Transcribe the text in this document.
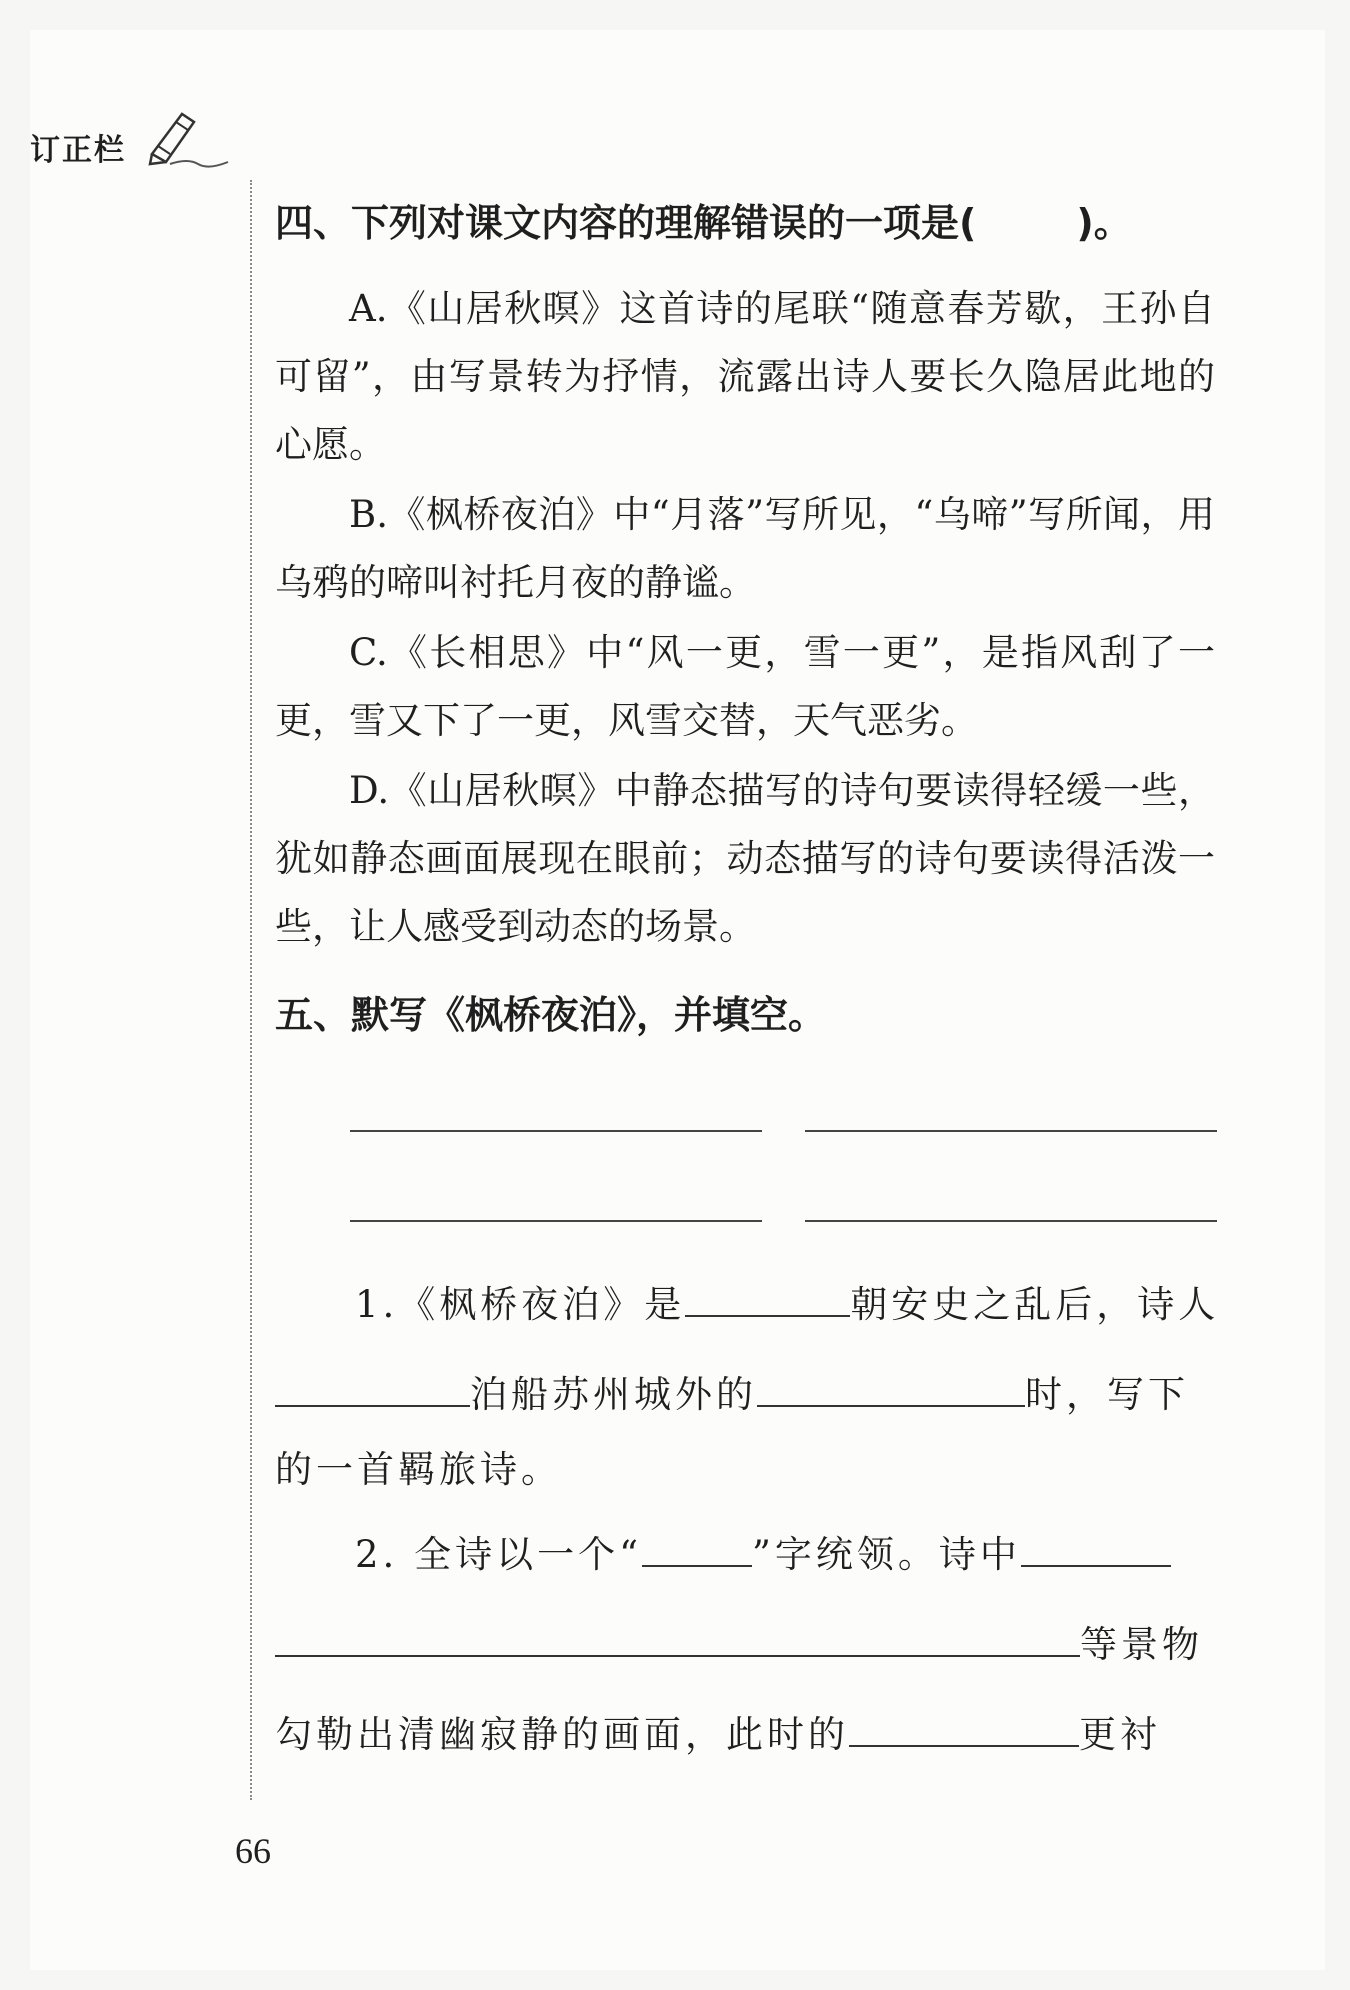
订正栏
四、下列对课文内容的理解错误的一项是(	)。

A.《山居秋暝》这首诗的尾联“随意春芳歇，王孙自可留”，由写景转为抒情，流露出诗人要长久隐居此地的心愿。

B.《枫桥夜泊》中“月落”写所见，“乌啼”写所闻，用乌鸦的啼叫衬托月夜的静谧。

C.《长相思》中“风一更，雪一更”，是指风刮了一更，雪又下了一更，风雪交替，天气恶劣。

D.《山居秋暝》中静态描写的诗句要读得轻缓一些，犹如静态画面展现在眼前；动态描写的诗句要读得活泼一些，让人感受到动态的场景。

五、默写《枫桥夜泊》，并填空。
1.《枫桥夜泊》是	朝安史之乱后，诗人
泊船苏州城外的	时，写下
的一首羁旅诗。
2. 全诗以一个“	”字统领。诗中
等景物
勾勒出清幽寂静的画面，此时的	更衬
66
